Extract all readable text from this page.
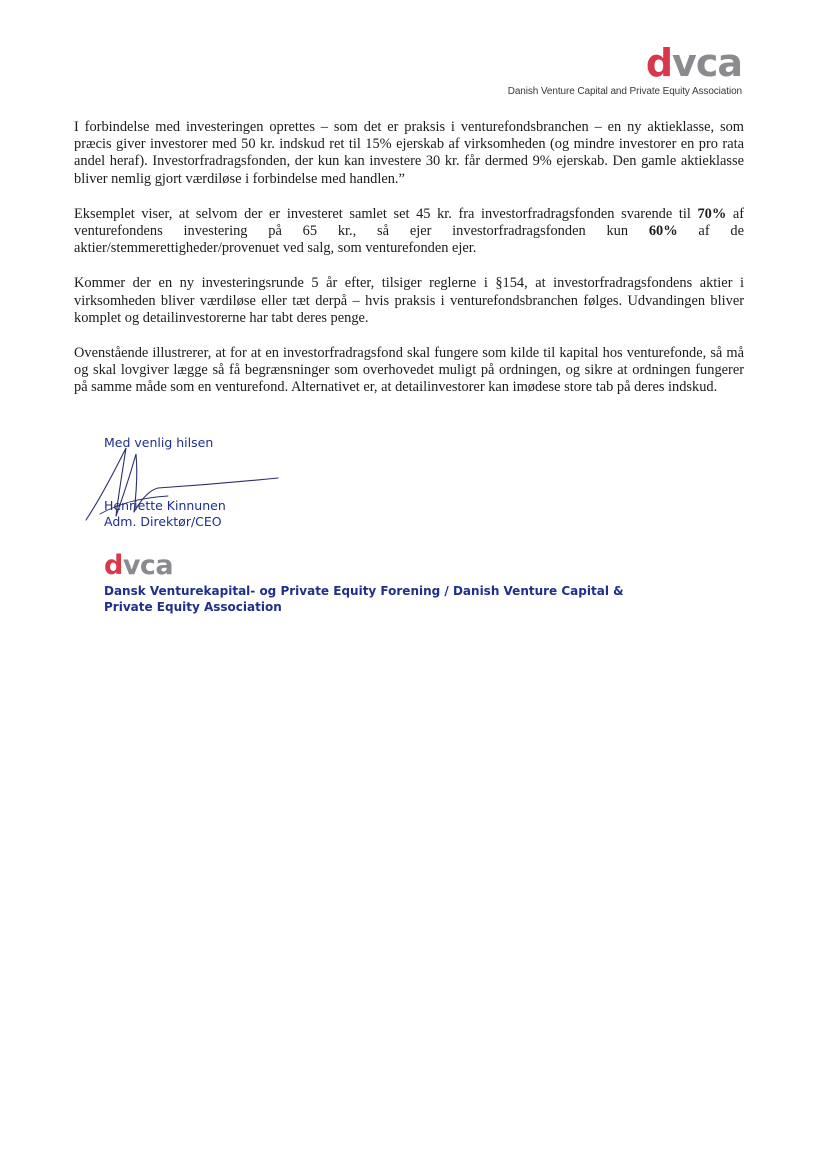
dvca
Danish Venture Capital and Private Equity Association

I forbindelse med investeringen oprettes – som det er praksis i venturefondsbranchen – en ny aktieklasse, som præcis giver investorer med 50 kr. indskud ret til 15% ejerskab af virksomheden (og mindre investorer en pro rata andel heraf). Investorfradragsfonden, der kun kan investere 30 kr. får dermed 9% ejerskab. Den gamle aktieklasse bliver nemlig gjort værdiløse i forbindelse med handlen.”

Eksemplet viser, at selvom der er investeret samlet set 45 kr. fra investorfradragsfonden svarende til 70% af venturefondens investering på 65 kr., så ejer investorfradragsfonden kun 60% af de aktier/stemmerettigheder/provenuet ved salg, som venturefonden ejer.

Kommer der en ny investeringsrunde 5 år efter, tilsiger reglerne i §154, at investorfradragsfondens aktier i virksomheden bliver værdiløse eller tæt derpå – hvis praksis i venturefondsbranchen følges. Udvandingen bliver komplet og detailinvestorerne har tabt deres penge.

Ovenstående illustrerer, at for at en investorfradragsfond skal fungere som kilde til kapital hos venturefonde, så må og skal lovgiver lægge så få begrænsninger som overhovedet muligt på ordningen, og sikre at ordningen fungerer på samme måde som en venturefond. Alternativet er, at detailinvestorer kan imødese store tab på deres indskud.

Med venlig hilsen
Henriette Kinnunen
Adm. Direktør/CEO
dvca
Dansk Venturekapital- og Private Equity Forening / Danish Venture Capital & Private Equity Association
